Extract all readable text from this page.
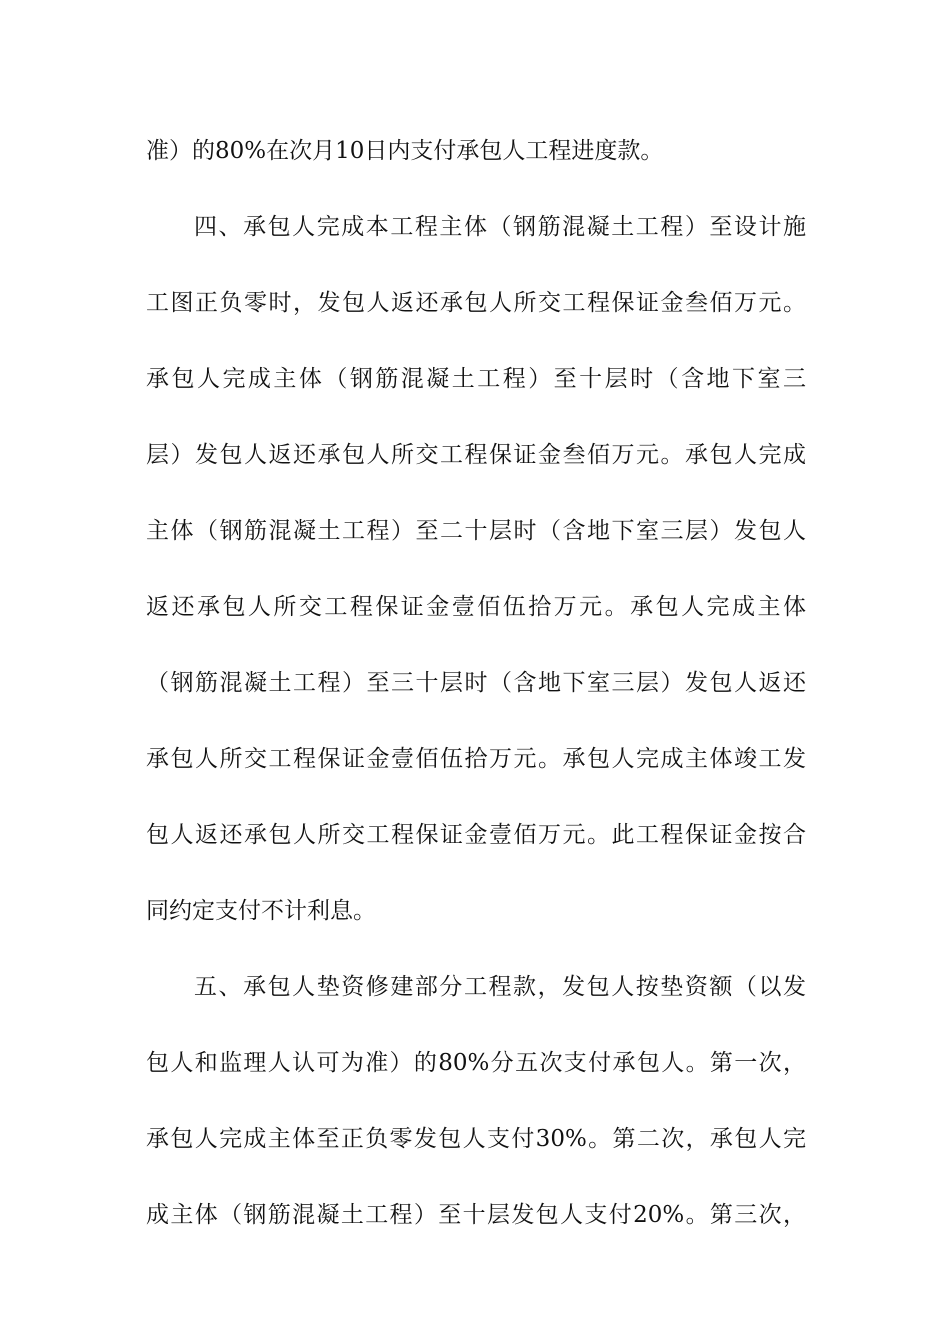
准）的80%在次月10日内支付承包人工程进度款。
四、承包人完成本工程主体（钢筋混凝土工程）至设计施
工图正负零时，发包人返还承包人所交工程保证金叁佰万元。
承包人完成主体（钢筋混凝土工程）至十层时（含地下室三
层）发包人返还承包人所交工程保证金叁佰万元。承包人完成
主体（钢筋混凝土工程）至二十层时（含地下室三层）发包人
返还承包人所交工程保证金壹佰伍拾万元。承包人完成主体
（钢筋混凝土工程）至三十层时（含地下室三层）发包人返还
承包人所交工程保证金壹佰伍拾万元。承包人完成主体竣工发
包人返还承包人所交工程保证金壹佰万元。此工程保证金按合
同约定支付不计利息。
五、承包人垫资修建部分工程款，发包人按垫资额（以发
包人和监理人认可为准）的80%分五次支付承包人。第一次，
承包人完成主体至正负零发包人支付30%。第二次，承包人完
成主体（钢筋混凝土工程）至十层发包人支付20%。第三次，
